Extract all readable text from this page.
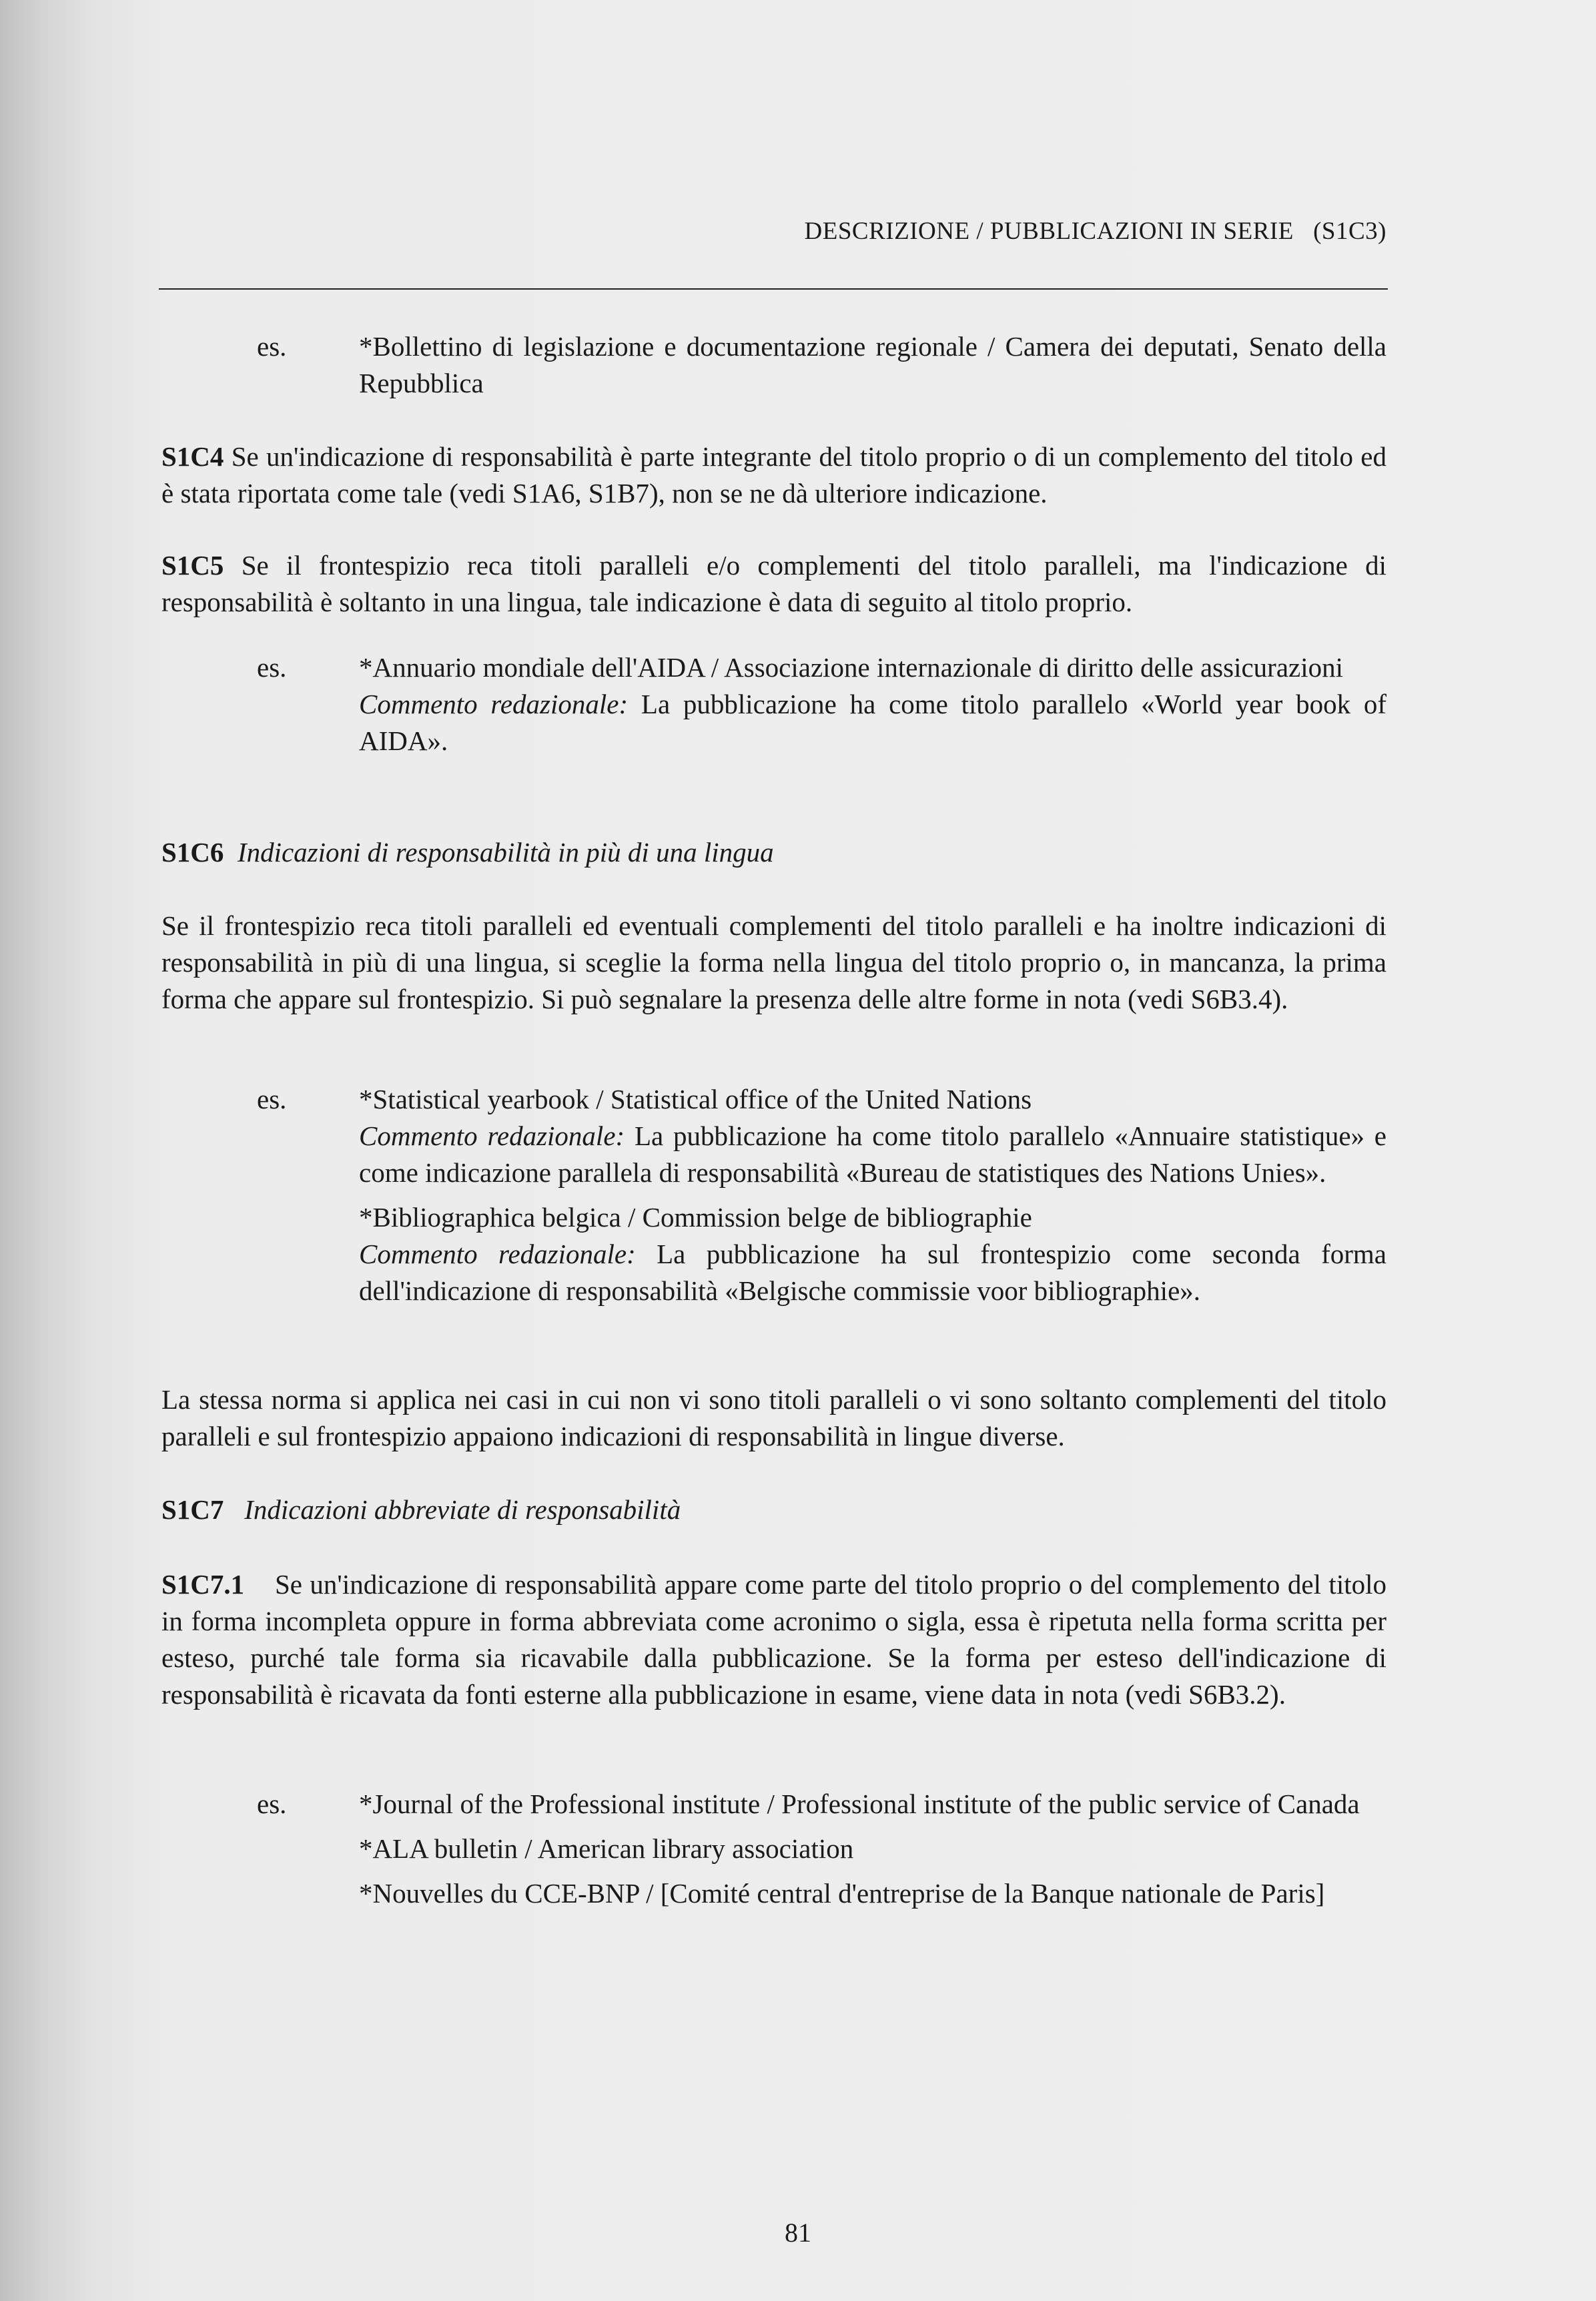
DESCRIZIONE / PUBBLICAZIONI IN SERIE (S1C3)
es.	*Bollettino di legislazione e documentazione regionale / Camera dei deputati, Senato della Repubblica

S1C4 Se un'indicazione di responsabilità è parte integrante del titolo proprio o di un complemento del titolo ed è stata riportata come tale (vedi S1A6, S1B7), non se ne dà ulteriore indicazione.

S1C5 Se il frontespizio reca titoli paralleli e/o complementi del titolo paralleli, ma l'indicazione di responsabilità è soltanto in una lingua, tale indicazione è data di seguito al titolo proprio.

es.	*Annuario mondiale dell'AIDA / Associazione internazionale di diritto delle assicurazioni

Commento redazionale: La pubblicazione ha come titolo parallelo «World year book of AIDA».

S1C6 Indicazioni di responsabilità in più di una lingua

Se il frontespizio reca titoli paralleli ed eventuali complementi del titolo paralleli e ha inoltre indicazioni di responsabilità in più di una lingua, si sceglie la forma nella lingua del titolo proprio o, in mancanza, la prima forma che appare sul frontespizio. Si può segnalare la presenza delle altre forme in nota (vedi S6B3.4).

es.	*Statistical yearbook / Statistical office of the United Nations

Commento redazionale: La pubblicazione ha come titolo parallelo «Annuaire statistique» e come indicazione parallela di responsabilità «Bureau de statistiques des Nations Unies».

*Bibliographica belgica / Commission belge de bibliographie

Commento redazionale: La pubblicazione ha sul frontespizio come seconda forma dell'indicazione di responsabilità «Belgische commissie voor bibliographie».

La stessa norma si applica nei casi in cui non vi sono titoli paralleli o vi sono soltanto complementi del titolo paralleli e sul frontespizio appaiono indicazioni di responsabilità in lingue diverse.

S1C7 Indicazioni abbreviate di responsabilità

S1C7.1 Se un'indicazione di responsabilità appare come parte del titolo proprio o del complemento del titolo in forma incompleta oppure in forma abbreviata come acronimo o sigla, essa è ripetuta nella forma scritta per esteso, purché tale forma sia ricavabile dalla pubblicazione. Se la forma per esteso dell'indicazione di responsabilità è ricavata da fonti esterne alla pubblicazione in esame, viene data in nota (vedi S6B3.2).

es.	*Journal of the Professional institute / Professional institute of the public service of Canada

*ALA bulletin / American library association

*Nouvelles du CCE-BNP / [Comité central d'entreprise de la Banque nationale de Paris]

81
